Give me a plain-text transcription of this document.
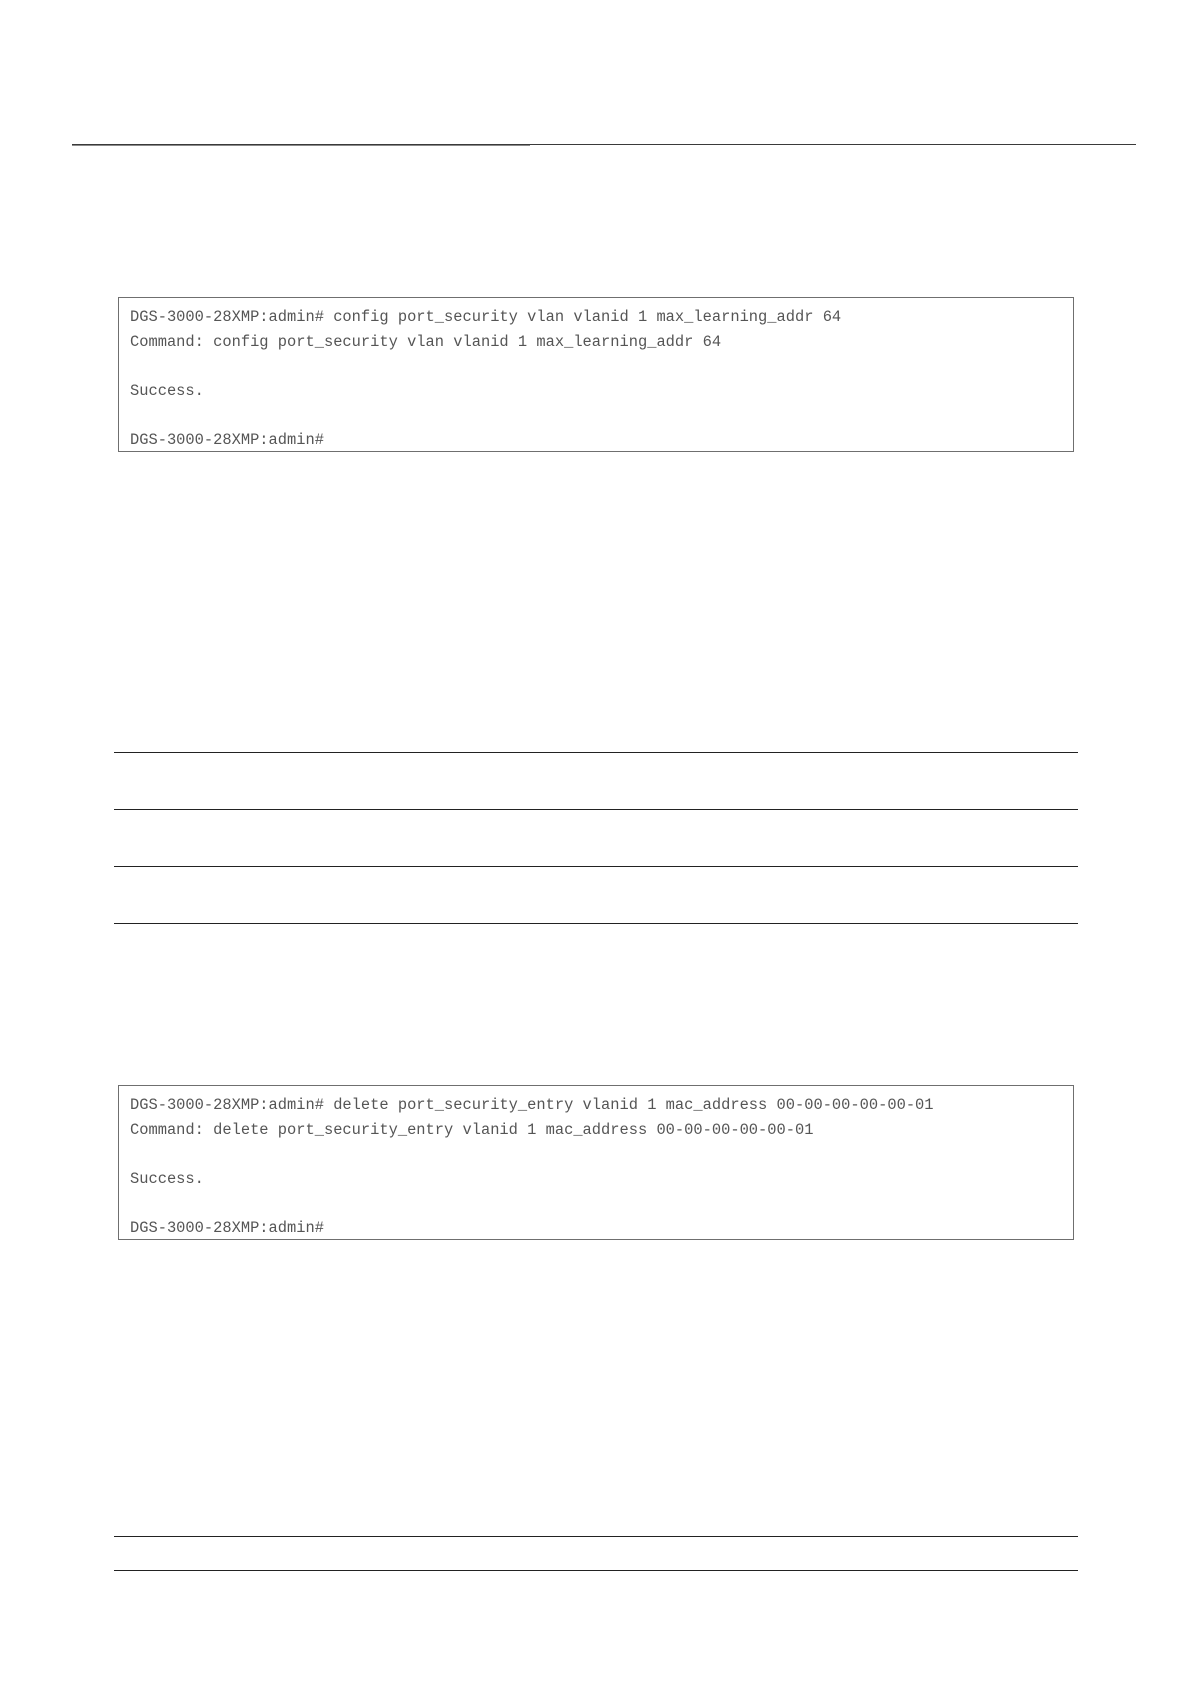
DGS-3000-28XMP:admin# config port_security vlan vlanid 1 max_learning_addr 64
Command: config port_security vlan vlanid 1 max_learning_addr 64
Success.
DGS-3000-28XMP:admin#
DGS-3000-28XMP:admin# delete port_security_entry vlanid 1 mac_address 00-00-00-00-00-01
Command: delete port_security_entry vlanid 1 mac_address 00-00-00-00-00-01
Success.
DGS-3000-28XMP:admin#
